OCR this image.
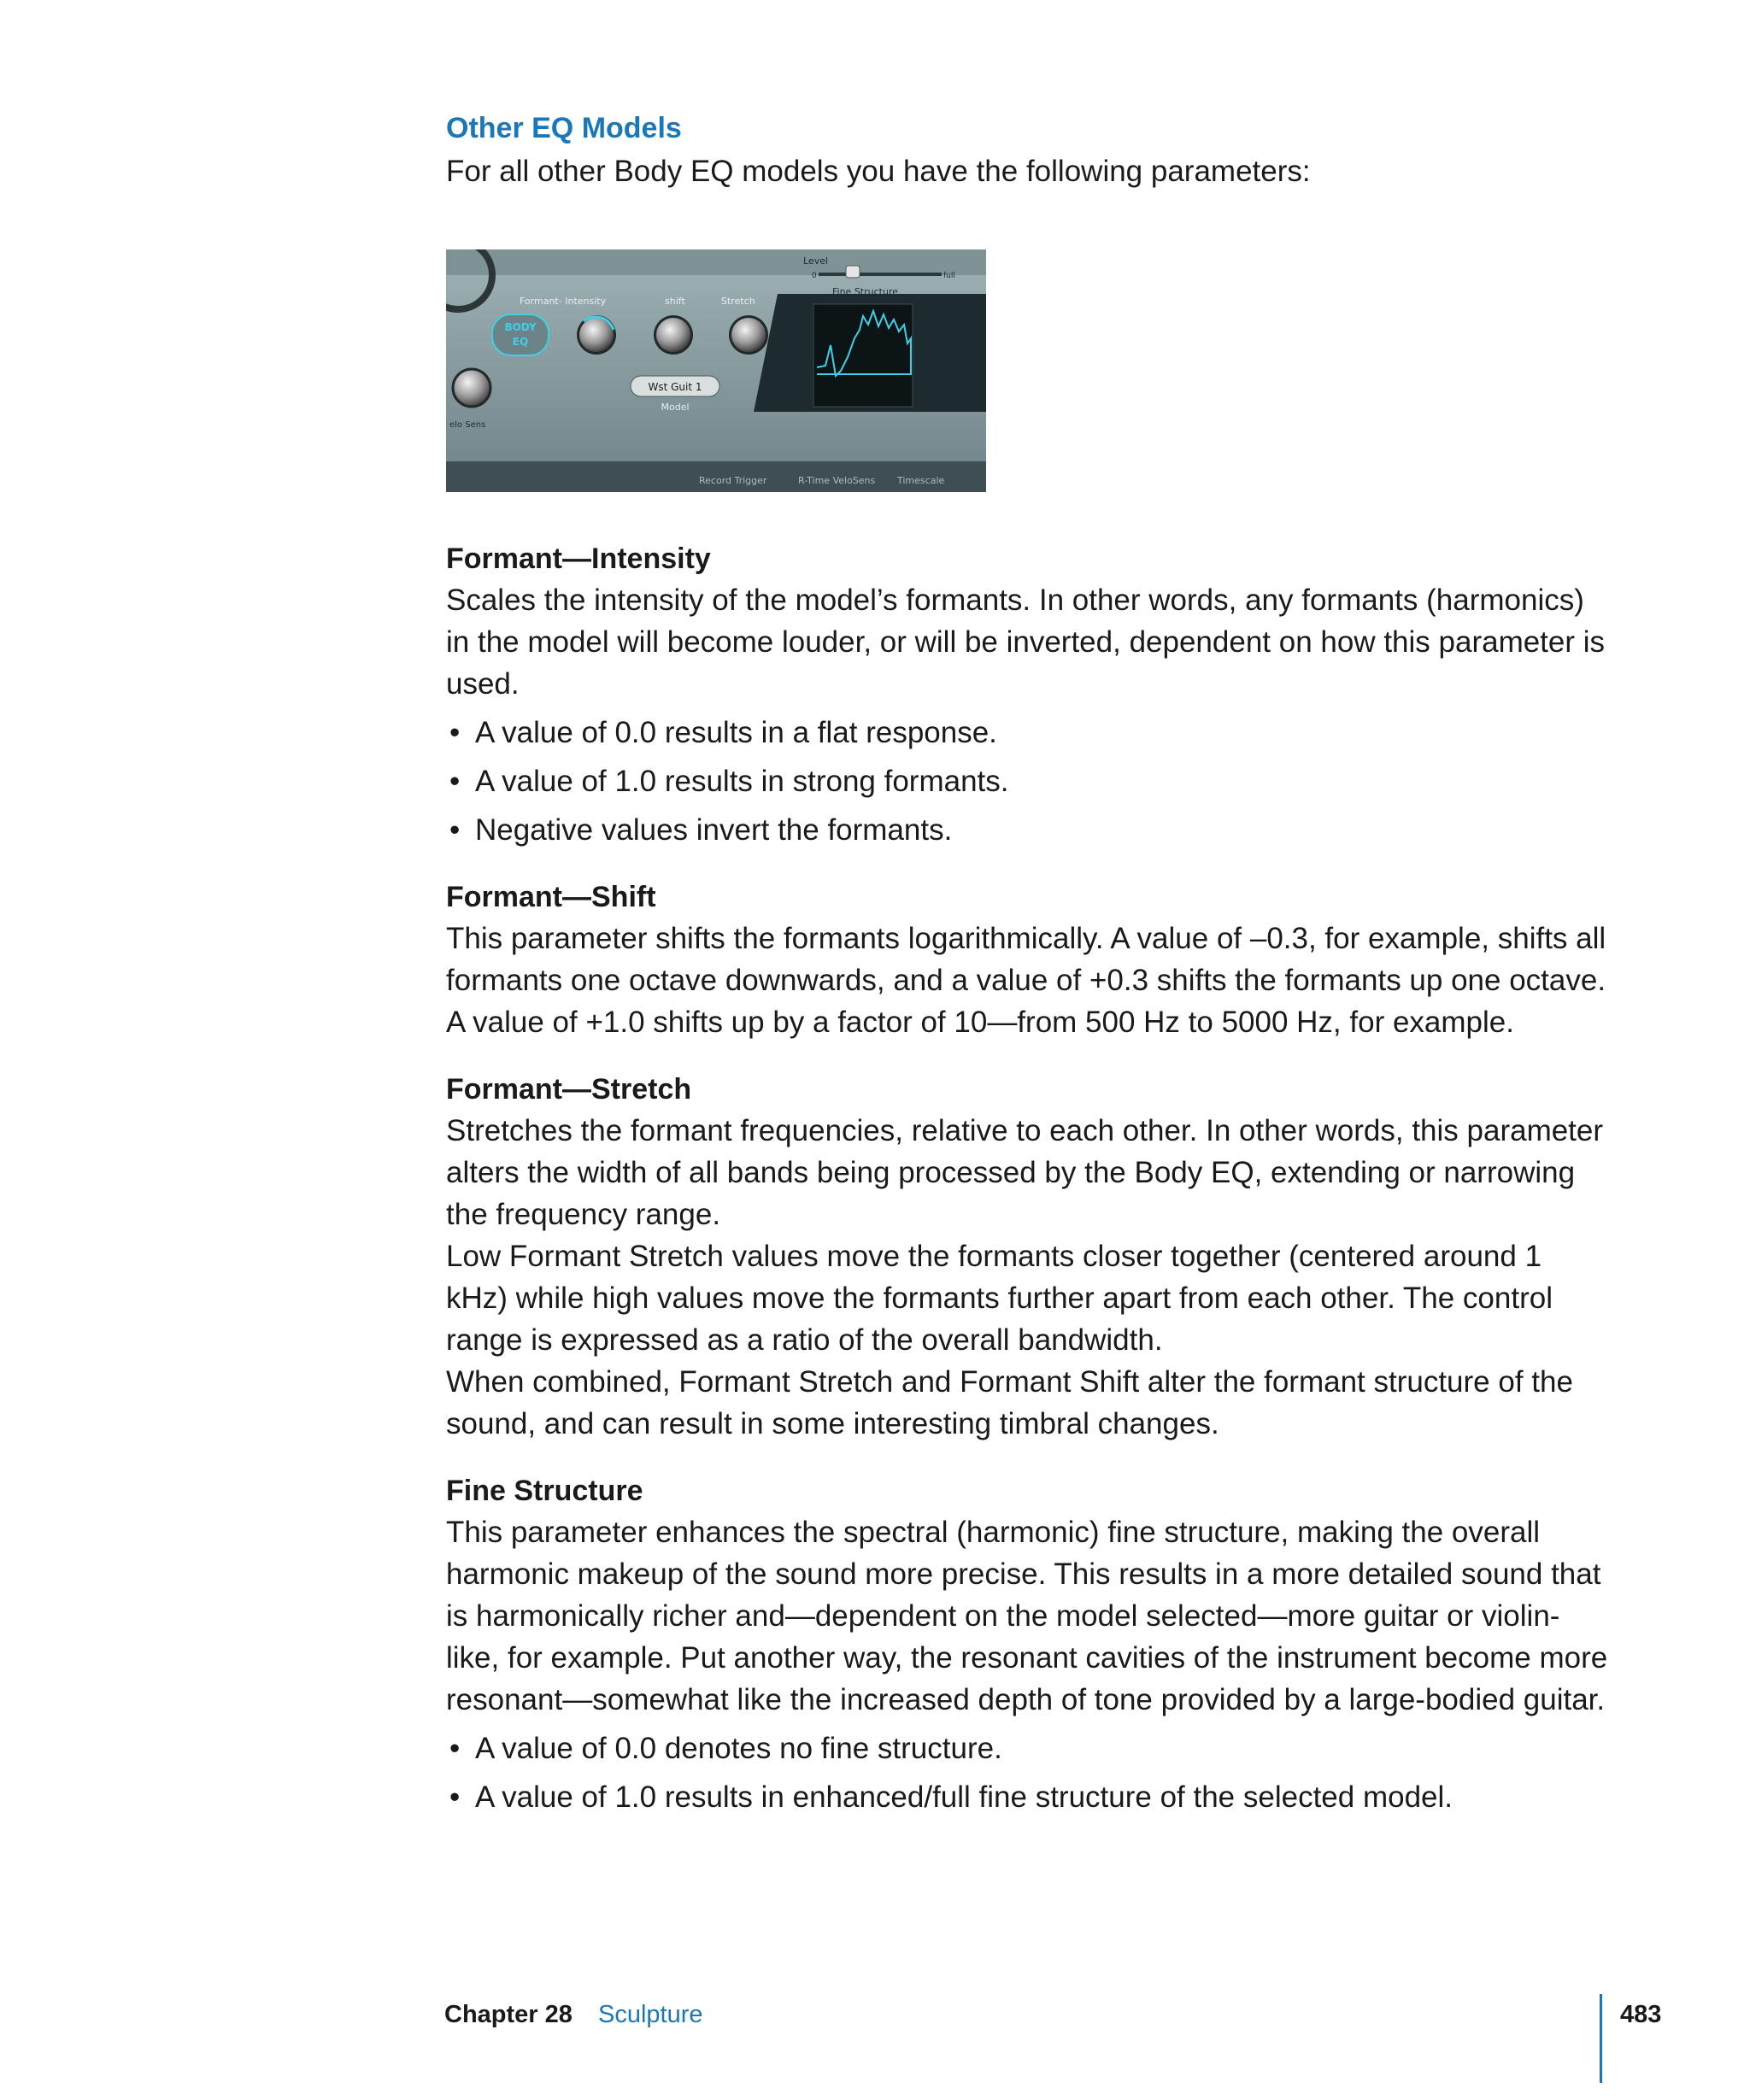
Other EQ Models

For all other Body EQ models you have the following parameters:

Level
0	full
Formant- Intensity	shift	Stretch
BODY
EQ
Wst Guit 1
Model
Fine Structure
elo Sens
Record Trigger	R-Time VeloSens Timescale
Formant—Intensity

Scales the intensity of the model’s formants. In other words, any formants (harmonics) in the model will become louder, or will be inverted, dependent on how this parameter is used.

• A value of 0.0 results in a flat response.
• A value of 1.0 results in strong formants.
• Negative values invert the formants.
Formant—Shift

This parameter shifts the formants logarithmically. A value of –0.3, for example, shifts all formants one octave downwards, and a value of +0.3 shifts the formants up one octave. A value of +1.0 shifts up by a factor of 10—from 500 Hz to 5000 Hz, for example.

Formant—Stretch

Stretches the formant frequencies, relative to each other. In other words, this parameter alters the width of all bands being processed by the Body EQ, extending or narrowing the frequency range.

Low Formant Stretch values move the formants closer together (centered around 1 kHz) while high values move the formants further apart from each other. The control range is expressed as a ratio of the overall bandwidth.

When combined, Formant Stretch and Formant Shift alter the formant structure of the sound, and can result in some interesting timbral changes.

Fine Structure

This parameter enhances the spectral (harmonic) fine structure, making the overall harmonic makeup of the sound more precise. This results in a more detailed sound that is harmonically richer and—dependent on the model selected—more guitar or violin-like, for example. Put another way, the resonant cavities of the instrument become more resonant—somewhat like the increased depth of tone provided by a large-bodied guitar.

• A value of 0.0 denotes no fine structure.
• A value of 1.0 results in enhanced/full fine structure of the selected model.
Chapter 28 Sculpture	483
